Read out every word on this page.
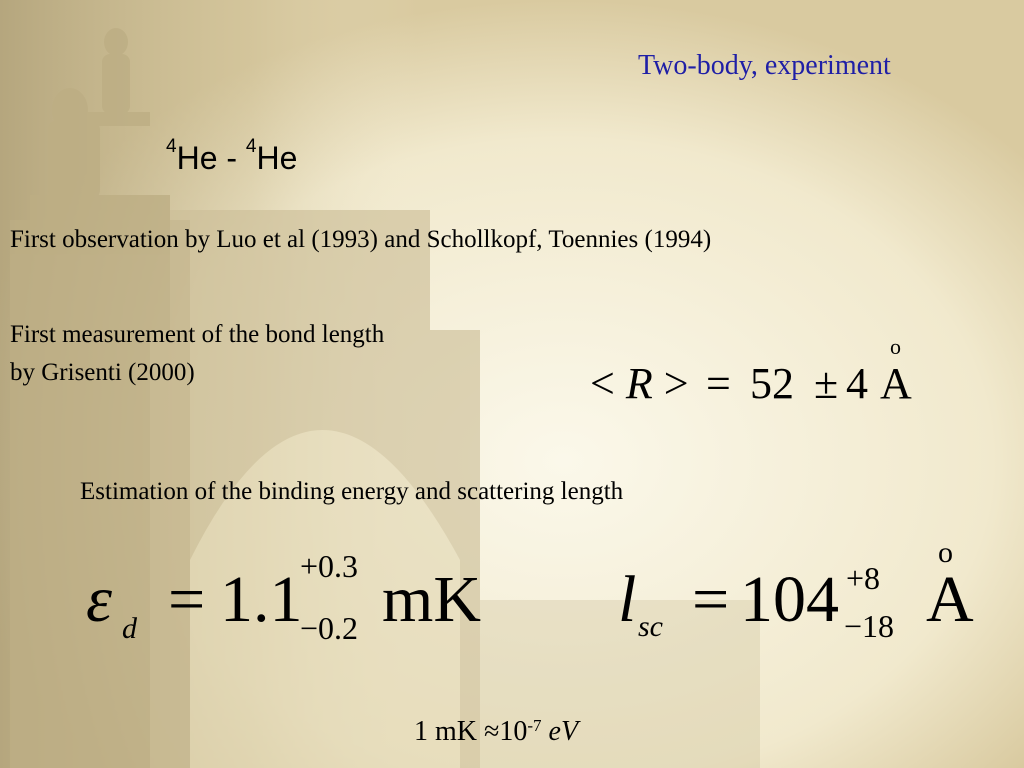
Two-body, experiment
$^4$He - $^4$He
First observation by Luo et al (1993) and Schollkopf, Toennies (1994)
First measurement of the bond length
by Grisenti (2000)	< R > = 52 ± 4
o
A
Estimation of the binding energy and scattering length
ε d = 1.1
+0.3
−0.2 mK l sc = 104 +8
−18
o
A
1 mK $\approx 10^{-7}$ eV
